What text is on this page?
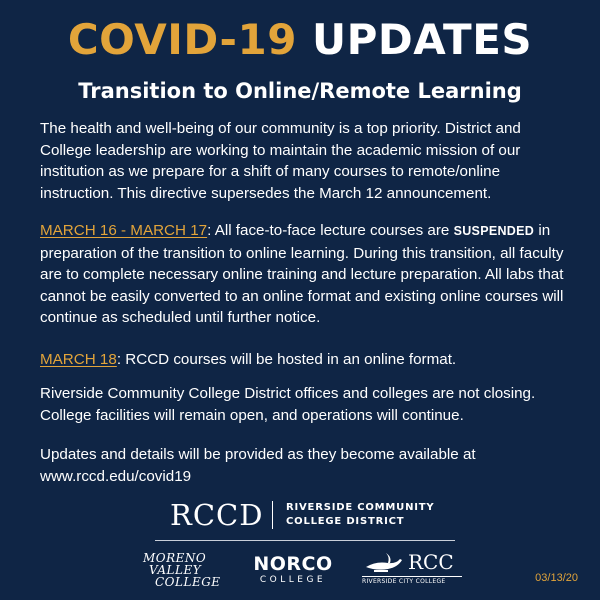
COVID-19 UPDATES
Transition to Online/Remote Learning
The health and well-being of our community is a top priority. District and College leadership are working to maintain the academic mission of our institution as we prepare for a shift of many courses to remote/online instruction. This directive supersedes the March 12 announcement.
MARCH 16 - MARCH 17: All face-to-face lecture courses are SUSPENDED in preparation of the transition to online learning. During this transition, all faculty are to complete necessary online training and lecture preparation. All labs that cannot be easily converted to an online format and existing online courses will continue as scheduled until further notice.
MARCH 18: RCCD courses will be hosted in an online format.
Riverside Community College District offices and colleges are not closing. College facilities will remain open, and operations will continue.
Updates and details will be provided as they become available at www.rccd.edu/covid19
RCCD RIVERSIDE COMMUNITY
COLLEGE DISTRICT
MORENO
VALLEY
COLLEGE
NORCO
COLLEGE
RCC
RIVERSIDE CITY COLLEGE	03/13/20
